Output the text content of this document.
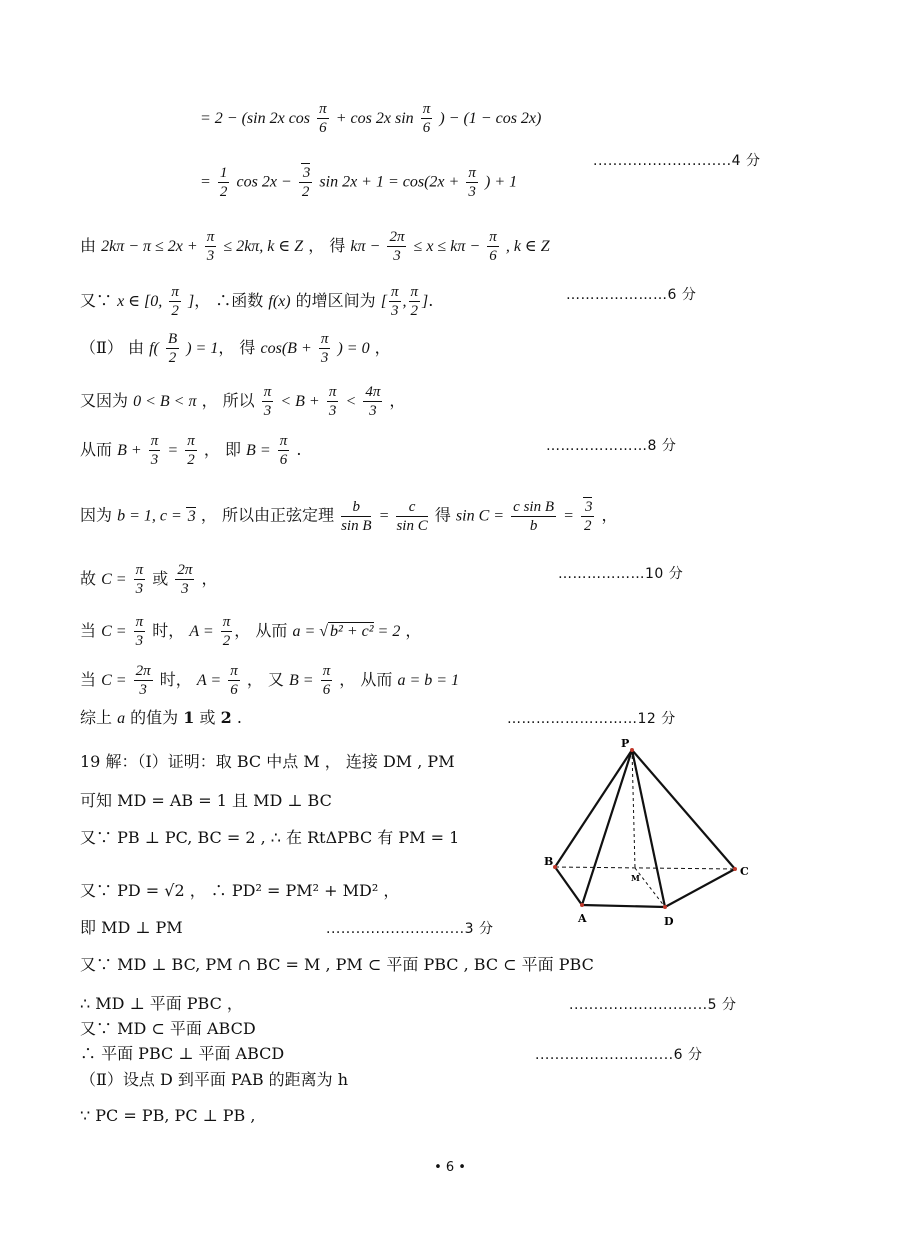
= 2 − (sin 2x $\cos \frac{\pi}{6} + \cos 2x$ $\sin \frac{\pi}{6}$ ) − (1 − cos 2x)
= $\frac{1}{2}$ $\cos 2x - \frac{3}{2}$ $\sin 2x + 1 = \cos(2x + \frac{\pi}{3}$ ) + 1
............................4 分
由 $2k\pi - \pi \le 2x + \frac{\pi}{3} \le 2k\pi$, k ∈ Z ， 得 $k\pi - \frac{2\pi}{3} \le x \le k\pi - \frac{\pi}{6}$ , k ∈ Z
又∵ x ∈ [0, $\frac{\pi}{2}$ ]， ∴函数 f(x) 的增区间为 [ $\frac{\pi}{3}$ , $\frac{\pi}{2}$ ].	…………………6 分
（Ⅱ） 由 $f( \frac{B}{2}$ ) = 1， 得 $\cos(B + \frac{\pi}{3}$ ) = 0 ，
又因为 0 < B < π ， 所以 $\frac{\pi}{3} < B + \frac{\pi}{3} < \frac{4\pi}{3}$ ，
从而 $B + \frac{\pi}{3} = \frac{\pi}{2}$ ， 即 $B = \frac{\pi}{6}$ .	…………………8 分
因为 b = 1, c = 3 ， 所以由正弦定理 $\frac{b}{\text{sin B}} = \frac{c}{\text{sin C}}$ 得 $\sin C = \frac{\text{c sin B}}{b} = \frac{3}{2}$ ，
故 $C = \frac{\pi}{3}$ 或 $\frac{2\pi}{3}$ ，	………………10 分
当 $C = \frac{\pi}{3}$ 时， $A = \frac{\pi}{2}$ ， 从而 a = √ b² + c² = 2 ，
当 $C = \frac{2\pi}{3}$ 时， $A = \frac{\pi}{6}$ ， 又 $B = \frac{\pi}{6}$ ， 从而 a = b = 1
综上 a 的值为 1 或 2 .	………………………12 分
19 解：（Ⅰ）证明：取 BC 中点 M ， 连接 DM , PM
可知 MD = AB = 1 且 MD ⊥ BC
又∵ PB ⊥ PC, BC = 2 , ∴ 在 RtΔPBC 有 PM = 1
又∵ PD = √2 ， ∴ PD² = PM² + MD² ，
即 MD ⊥ PM	............................3 分
又∵ MD ⊥ BC, PM ∩ BC = M , PM ⊂ 平面 PBC , BC ⊂ 平面 PBC
∴ MD ⊥ 平面 PBC ，	............................5 分
又∵ MD ⊂ 平面 ABCD
∴ 平面 PBC ⊥ 平面 ABCD	............................6 分
（Ⅱ）设点 D 到平面 PAB 的距离为 h
∵ PC = PB, PC ⊥ PB ,
P
B
C
M
A	D
• 6 •
